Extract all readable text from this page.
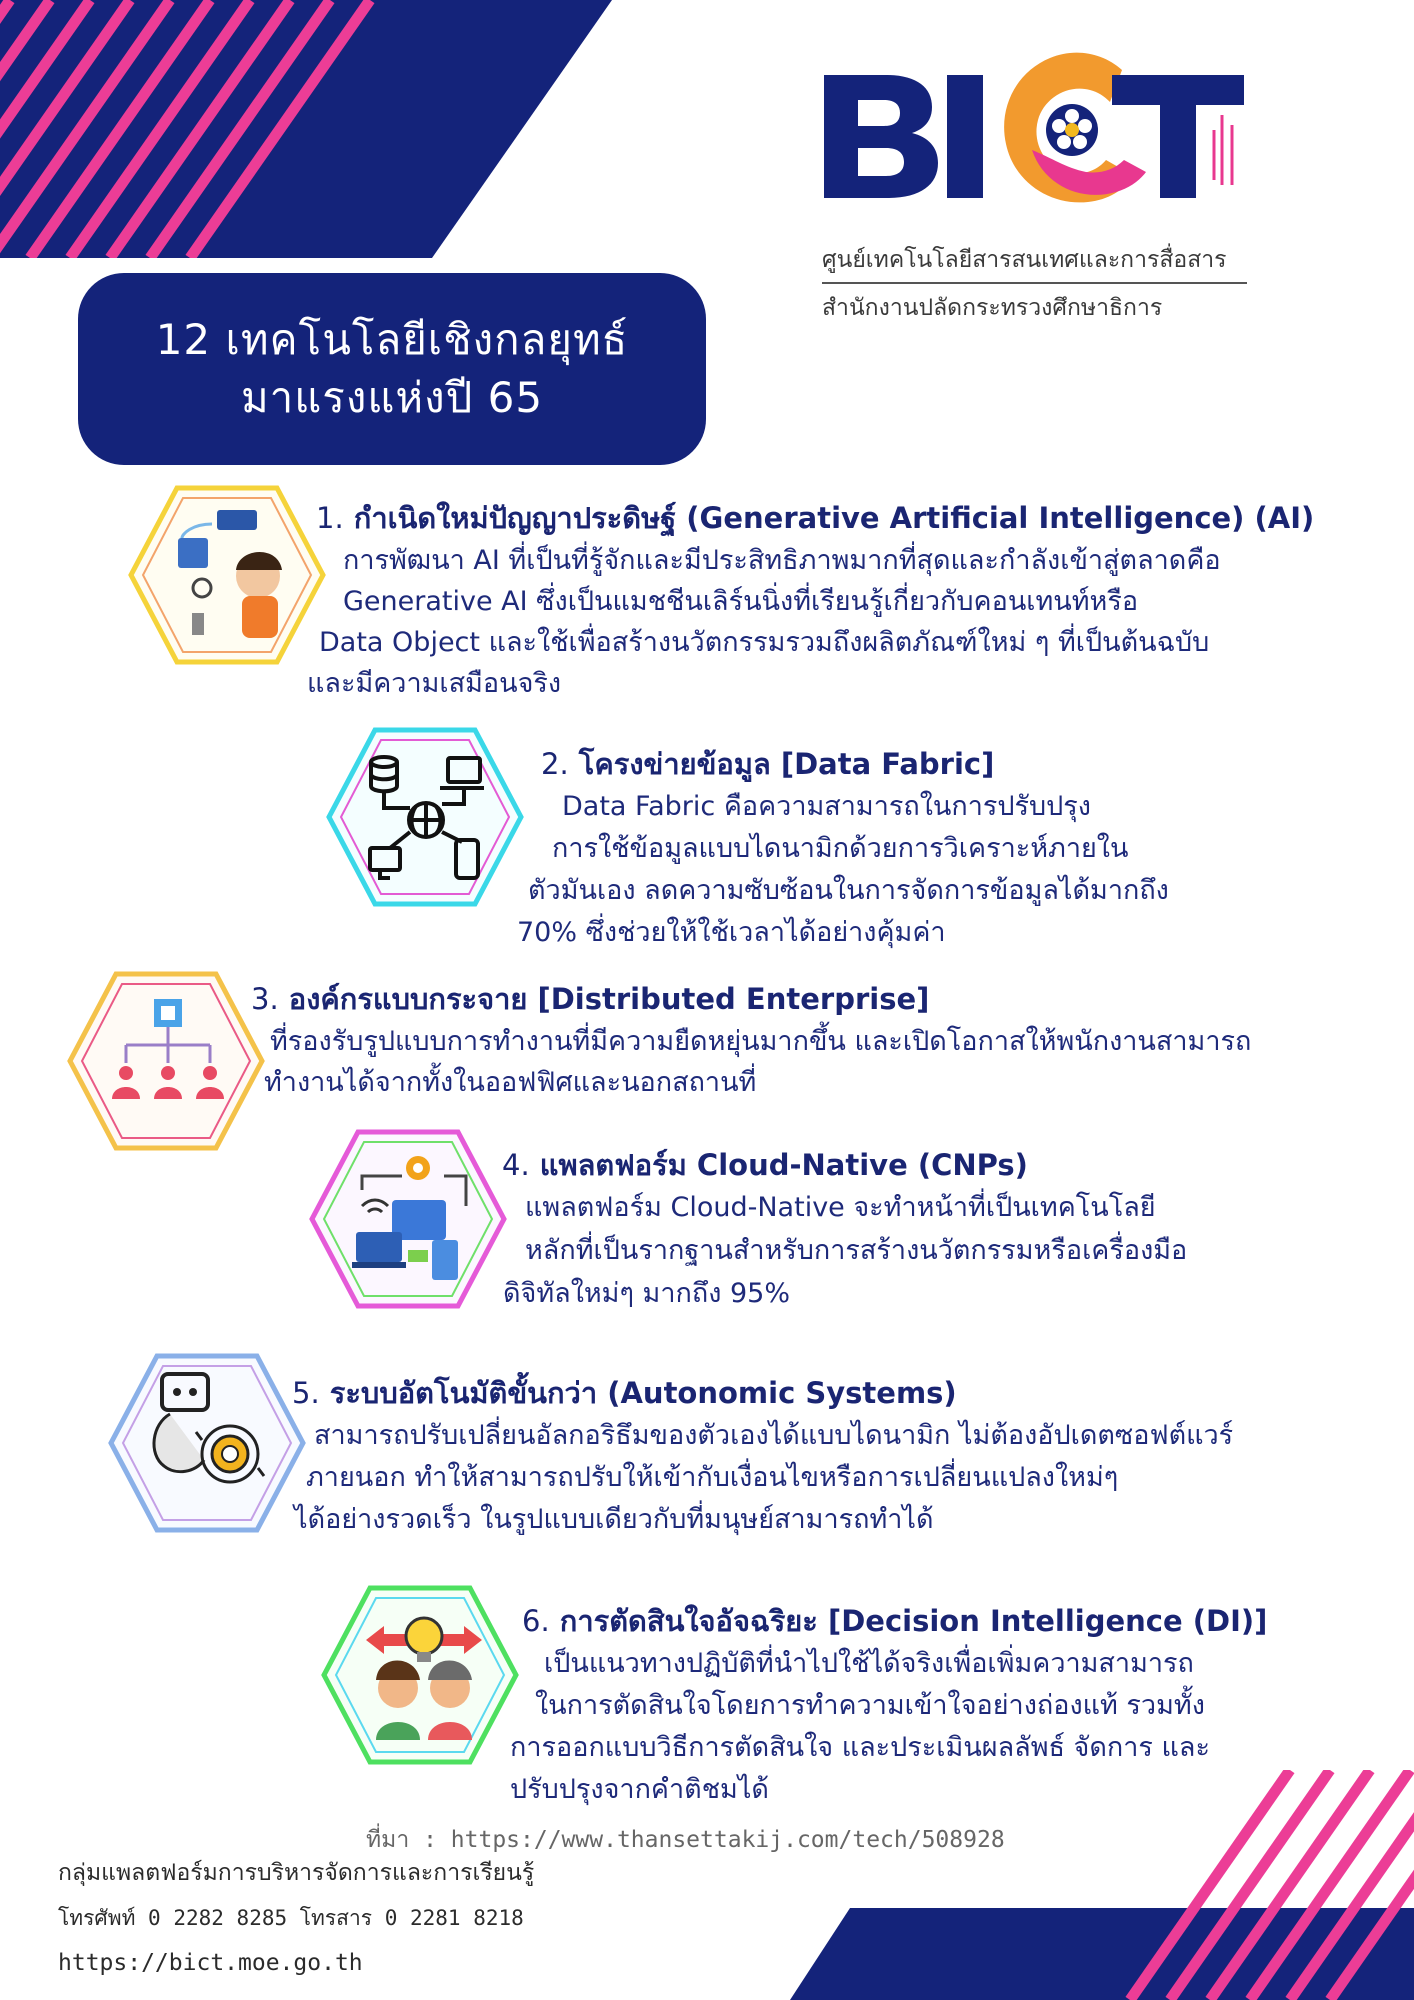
ศูนย์เทคโนโลยีสารสนเทศและการสื่อสาร
สำนักงานปลัดกระทรวงศึกษาธิการ
12 เทคโนโลยีเชิงกลยุทธ์
มาแรงแห่งปี 65
1. กำเนิดใหม่ปัญญาประดิษฐ์ (Generative Artificial Intelligence) (AI)
การพัฒนา AI ที่เป็นที่รู้จักและมีประสิทธิภาพมากที่สุดและกำลังเข้าสู่ตลาดคือ
Generative AI ซึ่งเป็นแมชชีนเลิร์นนิ่งที่เรียนรู้เกี่ยวกับคอนเทนท์หรือ
Data Object และใช้เพื่อสร้างนวัตกรรมรวมถึงผลิตภัณฑ์ใหม่ ๆ ที่เป็นต้นฉบับ
และมีความเสมือนจริง
2. โครงข่ายข้อมูล [Data Fabric]
Data Fabric คือความสามารถในการปรับปรุง
การใช้ข้อมูลแบบไดนามิกด้วยการวิเคราะห์ภายใน
ตัวมันเอง ลดความซับซ้อนในการจัดการข้อมูลได้มากถึง
70% ซึ่งช่วยให้ใช้เวลาได้อย่างคุ้มค่า
3. องค์กรแบบกระจาย [Distributed Enterprise]
ที่รองรับรูปแบบการทำงานที่มีความยืดหยุ่นมากขึ้น และเปิดโอกาสให้พนักงานสามารถ
ทำงานได้จากทั้งในออฟฟิศและนอกสถานที่
4. แพลตฟอร์ม Cloud-Native (CNPs)
แพลตฟอร์ม Cloud-Native จะทำหน้าที่เป็นเทคโนโลยี
หลักที่เป็นรากฐานสำหรับการสร้างนวัตกรรมหรือเครื่องมือ
ดิจิทัลใหม่ๆ มากถึง 95%
5. ระบบอัตโนมัติขั้นกว่า (Autonomic Systems)
สามารถปรับเปลี่ยนอัลกอริธึมของตัวเองได้แบบไดนามิก ไม่ต้องอัปเดตซอฟต์แวร์
ภายนอก ทำให้สามารถปรับให้เข้ากับเงื่อนไขหรือการเปลี่ยนแปลงใหม่ๆ
ได้อย่างรวดเร็ว ในรูปแบบเดียวกับที่มนุษย์สามารถทำได้
6. การตัดสินใจอัจฉริยะ [Decision Intelligence (DI)]
เป็นแนวทางปฏิบัติที่นำไปใช้ได้จริงเพื่อเพิ่มความสามารถ
ในการตัดสินใจโดยการทำความเข้าใจอย่างถ่องแท้ รวมทั้ง
การออกแบบวิธีการตัดสินใจ และประเมินผลลัพธ์ จัดการ และ
ปรับปรุงจากคำติชมได้
ที่มา : https://www.thansettakij.com/tech/508928
กลุ่มแพลตฟอร์มการบริหารจัดการและการเรียนรู้
โทรศัพท์ 0 2282 8285 โทรสาร 0 2281 8218
https://bict.moe.go.th
